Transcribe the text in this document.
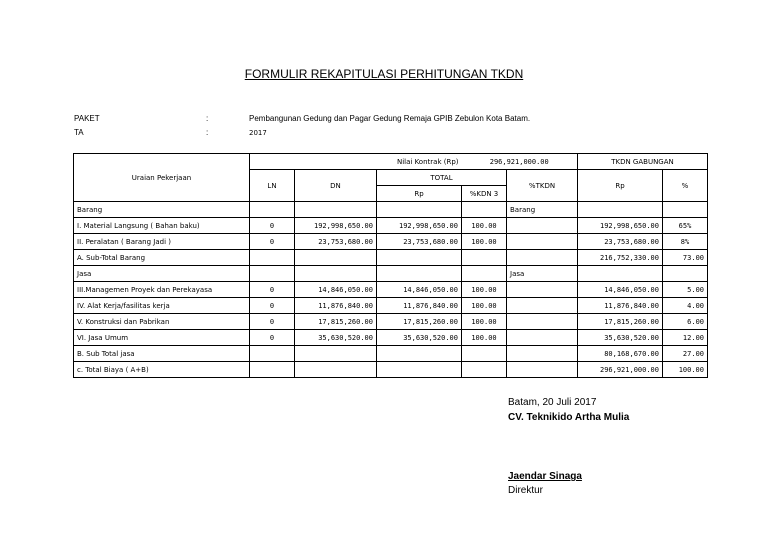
FORMULIR REKAPITULASI PERHITUNGAN TKDN
PAKET	:	Pembangunan Gedung dan Pagar Gedung Remaja GPIB Zebulon Kota Batam.
TA	:	2017
Uraian Pekerjaan	Nilai Kontrak (Rp)			296,921,000.00		TKDN GABUNGAN	
	LN	DN	TOTAL		%TKDN	Rp	%
			Rp	%KDN 3			
Barang					Barang		
I. Material Langsung ( Bahan baku)	0	192,998,650.00	192,998,650.00	100.00		192,998,650.00	65%
II. Peralatan ( Barang Jadi )	0	23,753,680.00	23,753,680.00	100.00		23,753,680.00	8%
A. Sub-Total Barang						216,752,330.00	73.00
Jasa					Jasa		
III.Managemen Proyek dan Perekayasa	0	14,846,050.00	14,846,050.00	100.00		14,846,050.00	5.00
IV. Alat Kerja/fasilitas kerja	0	11,876,840.00	11,876,840.00	100.00		11,876,840.00	4.00
V. Konstruksi dan Pabrikan	0	17,815,260.00	17,815,260.00	100.00		17,815,260.00	6.00
VI. Jasa Umum	0	35,630,520.00	35,630,520.00	100.00		35,630,520.00	12.00
B. Sub Total jasa						80,168,670.00	27.00
c. Total Biaya ( A+B)						296,921,000.00	100.00
Batam, 20 Juli 2017
CV. Teknikido Artha Mulia
Jaendar Sinaga
Direktur
